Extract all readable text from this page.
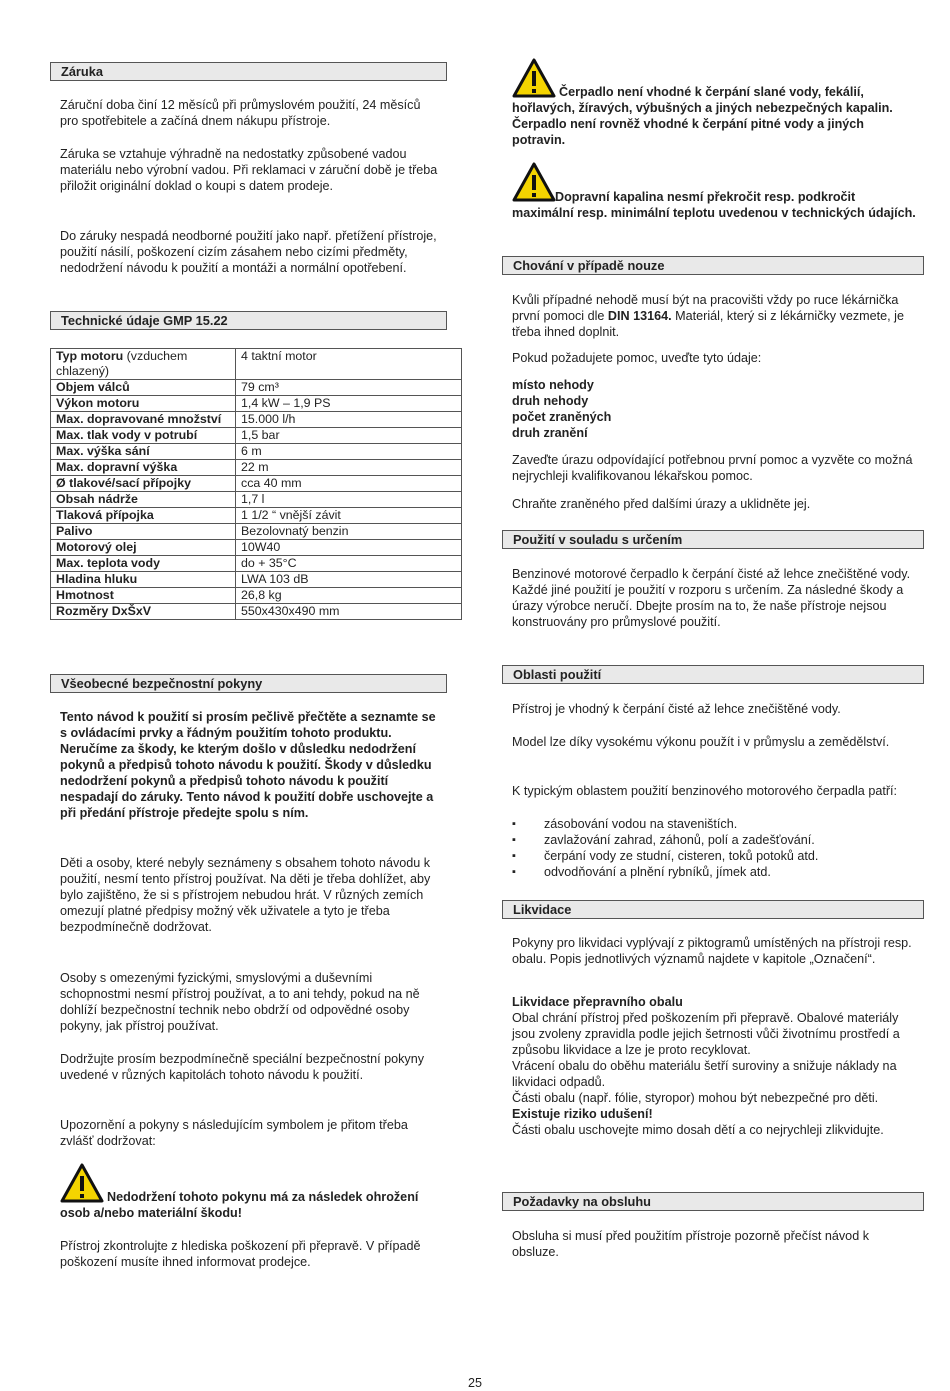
Záruka

Záruční doba činí 12 měsíců při průmyslovém použití, 24 měsíců pro spotřebitele a začíná dnem nákupu přístroje.

Záruka se vztahuje výhradně na nedostatky způsobené vadou materiálu nebo výrobní vadou. Při reklamaci v záruční době je třeba přiložit originální doklad o koupi s datem prodeje.

Do záruky nespadá neodborné použití jako např. přetížení přístroje, použití násilí, poškození cizím zásahem nebo cizími předměty, nedodržení návodu k použití a montáži a normální opotřebení.

Technické údaje GMP 15.22
Typ motoru (vzduchem chlazený)	4 taktní motor
Objem válců	79 cm³
Výkon motoru	1,4 kW – 1,9 PS
Max. dopravované množství	15.000 l/h
Max. tlak vody v potrubí	1,5 bar
Max. výška sání	6 m
Max. dopravní výška	22 m
Ø tlakové/sací přípojky	cca 40 mm
Obsah nádrže	1,7 l
Tlaková přípojka	1 1/2 “ vnější závit
Palivo	Bezolovnatý benzin
Motorový olej	10W40
Max. teplota vody	do + 35°C
Hladina hluku	LWA 103 dB
Hmotnost	26,8 kg
Rozměry DxŠxV	550x430x490 mm
Všeobecné bezpečnostní pokyny

Tento návod k použití si prosím pečlivě přečtěte a seznamte se s ovládacími prvky a řádným použitím tohoto produktu. Neručíme za škody, ke kterým došlo v důsledku nedodržení pokynů a předpisů tohoto návodu k použití. Škody v důsledku nedodržení pokynů a předpisů tohoto návodu k použití nespadají do záruky. Tento návod k použití dobře uschovejte a při předání přístroje předejte spolu s ním.

Děti a osoby, které nebyly seznámeny s obsahem tohoto návodu k použití, nesmí tento přístroj používat. Na děti je třeba dohlížet, aby bylo zajištěno, že si s přístrojem nebudou hrát. V různých zemích omezují platné předpisy možný věk uživatele a tyto je třeba bezpodmínečně dodržovat.

Osoby s omezenými fyzickými, smyslovými a duševními schopnostmi nesmí přístroj používat, a to ani tehdy, pokud na ně dohlíží bezpečnostní technik nebo obdrží od odpovědné osoby pokyny, jak přístroj používat.

Dodržujte prosím bezpodmínečně speciální bezpečnostní pokyny uvedené v různých kapitolách tohoto návodu k použití.

Upozornění a pokyny s následujícím symbolem je přitom třeba zvlášť dodržovat:

Nedodržení tohoto pokynu má za následek ohrožení osob a/nebo materiální škodu!

Přístroj zkontrolujte z hlediska poškození při přepravě. V případě poškození musíte ihned informovat prodejce.

Čerpadlo není vhodné k čerpání slané vody, fekálií, hořlavých, žíravých, výbušných a jiných nebezpečných kapalin. Čerpadlo není rovněž vhodné k čerpání pitné vody a jiných potravin.

Dopravní kapalina nesmí překročit resp. podkročit maximální resp. minimální teplotu uvedenou v technických údajích.

Chování v případě nouze

Kvůli případné nehodě musí být na pracovišti vždy po ruce lékárnička první pomoci dle DIN 13164. Materiál, který si z lékárničky vezmete, je třeba ihned doplnit.

Pokud požadujete pomoc, uveďte tyto údaje:

místo nehody
druh nehody
počet zraněných
druh zranění

Zaveďte úrazu odpovídající potřebnou první pomoc a vyzvěte co možná nejrychleji kvalifikovanou lékařskou pomoc.

Chraňte zraněného před dalšími úrazy a uklidněte jej.

Použití v souladu s určením

Benzinové motorové čerpadlo k čerpání čisté až lehce znečištěné vody. Každé jiné použití je použití v rozporu s určením. Za následné škody a úrazy výrobce neručí. Dbejte prosím na to, že naše přístroje nejsou konstruovány pro průmyslové použití.

Oblasti použití

Přístroj je vhodný k čerpání čisté až lehce znečištěné vody.

Model lze díky vysokému výkonu použít i v průmyslu a zemědělství.

K typickým oblastem použití benzinového motorového čerpadla patří:

▪ zásobování vodou na staveništích.
▪ zavlažování zahrad, záhonů, polí a zadešťování.
▪ čerpání vody ze studní, cisteren, toků potoků atd.
▪ odvodňování a plnění rybníků, jímek atd.
Likvidace

Pokyny pro likvidaci vyplývají z piktogramů umístěných na přístroji resp. obalu. Popis jednotlivých významů najdete v kapitole „Označení“.

Likvidace přepravního obalu
Obal chrání přístroj před poškozením při přepravě. Obalové materiály jsou zvoleny zpravidla podle jejich šetrnosti vůči životnímu prostředí a způsobu likvidace a lze je proto recyklovat.
Vrácení obalu do oběhu materiálu šetří suroviny a snižuje náklady na likvidaci odpadů.
Části obalu (např. fólie, styropor) mohou být nebezpečné pro děti. Existuje riziko udušení!
Části obalu uschovejte mimo dosah dětí a co nejrychleji zlikvidujte.
Požadavky na obsluhu

Obsluha si musí před použitím přístroje pozorně přečíst návod k obsluze.

25
